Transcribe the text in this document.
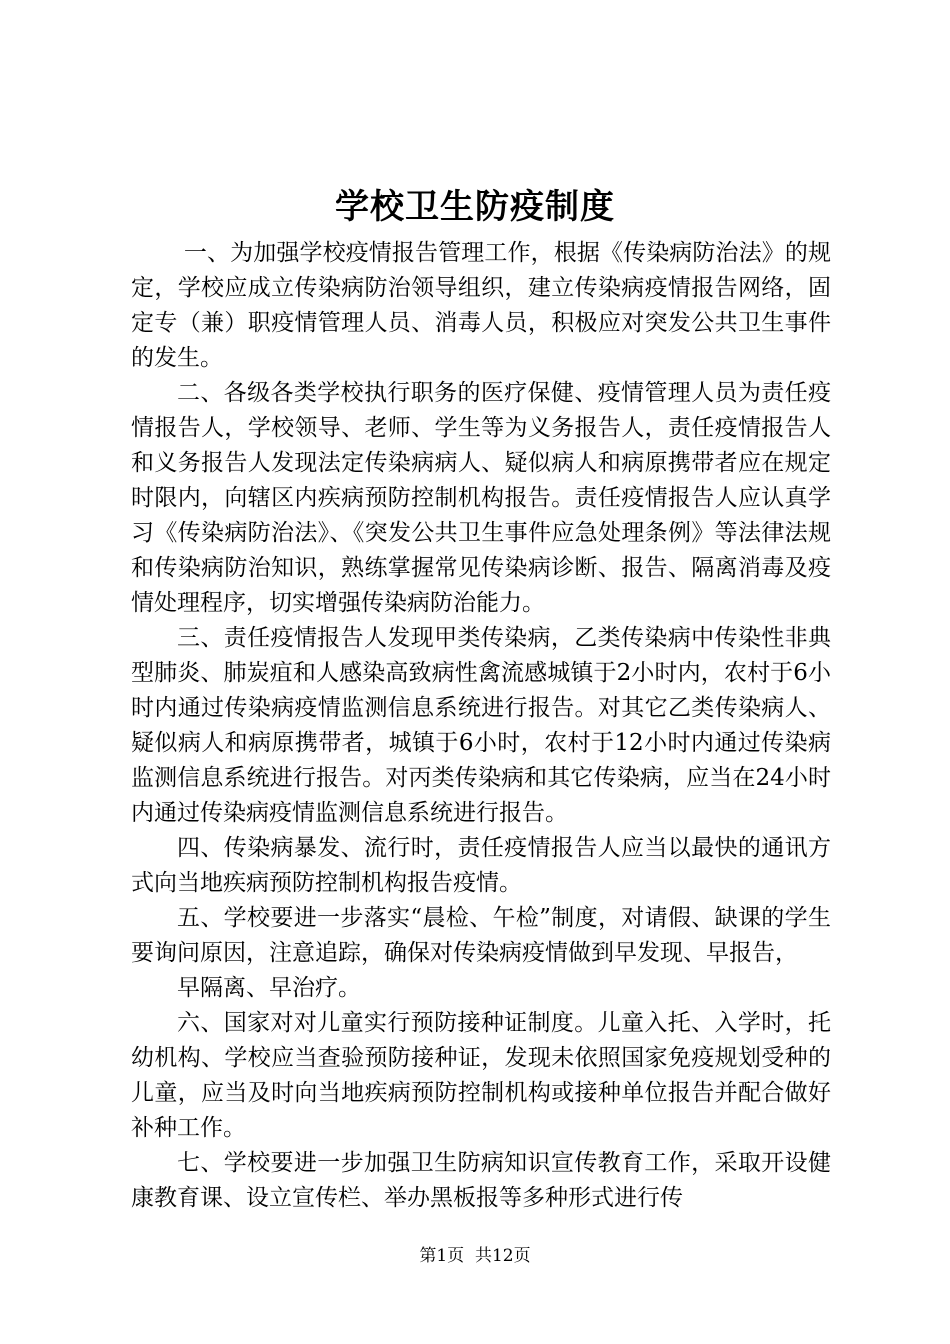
学校卫生防疫制度

一、为加强学校疫情报告管理工作，根据《传染病防治法》的规定，学校应成立传染病防治领导组织，建立传染病疫情报告网络，固定专（兼）职疫情管理人员、消毒人员，积极应对突发公共卫生事件的发生。

二、各级各类学校执行职务的医疗保健、疫情管理人员为责任疫情报告人，学校领导、老师、学生等为义务报告人，责任疫情报告人和义务报告人发现法定传染病病人、疑似病人和病原携带者应在规定时限内，向辖区内疾病预防控制机构报告。责任疫情报告人应认真学习《传染病防治法》、《突发公共卫生事件应急处理条例》等法律法规和传染病防治知识，熟练掌握常见传染病诊断、报告、隔离消毒及疫情处理程序，切实增强传染病防治能力。

三、责任疫情报告人发现甲类传染病，乙类传染病中传染性非典型肺炎、肺炭疽和人感染高致病性禽流感城镇于2小时内，农村于6小时内通过传染病疫情监测信息系统进行报告。对其它乙类传染病人、疑似病人和病原携带者，城镇于6小时，农村于12小时内通过传染病监测信息系统进行报告。对丙类传染病和其它传染病，应当在24小时内通过传染病疫情监测信息系统进行报告。

四、传染病暴发、流行时，责任疫情报告人应当以最快的通讯方式向当地疾病预防控制机构报告疫情。

五、学校要进一步落实“晨检、午检”制度，对请假、缺课的学生要询问原因，注意追踪，确保对传染病疫情做到早发现、早报告，

早隔离、早治疗。

六、国家对对儿童实行预防接种证制度。儿童入托、入学时，托幼机构、学校应当查验预防接种证，发现未依照国家免疫规划受种的儿童，应当及时向当地疾病预防控制机构或接种单位报告并配合做好补种工作。

七、学校要进一步加强卫生防病知识宣传教育工作，采取开设健康教育课、设立宣传栏、举办黑板报等多种形式进行传

第1页  共12页
